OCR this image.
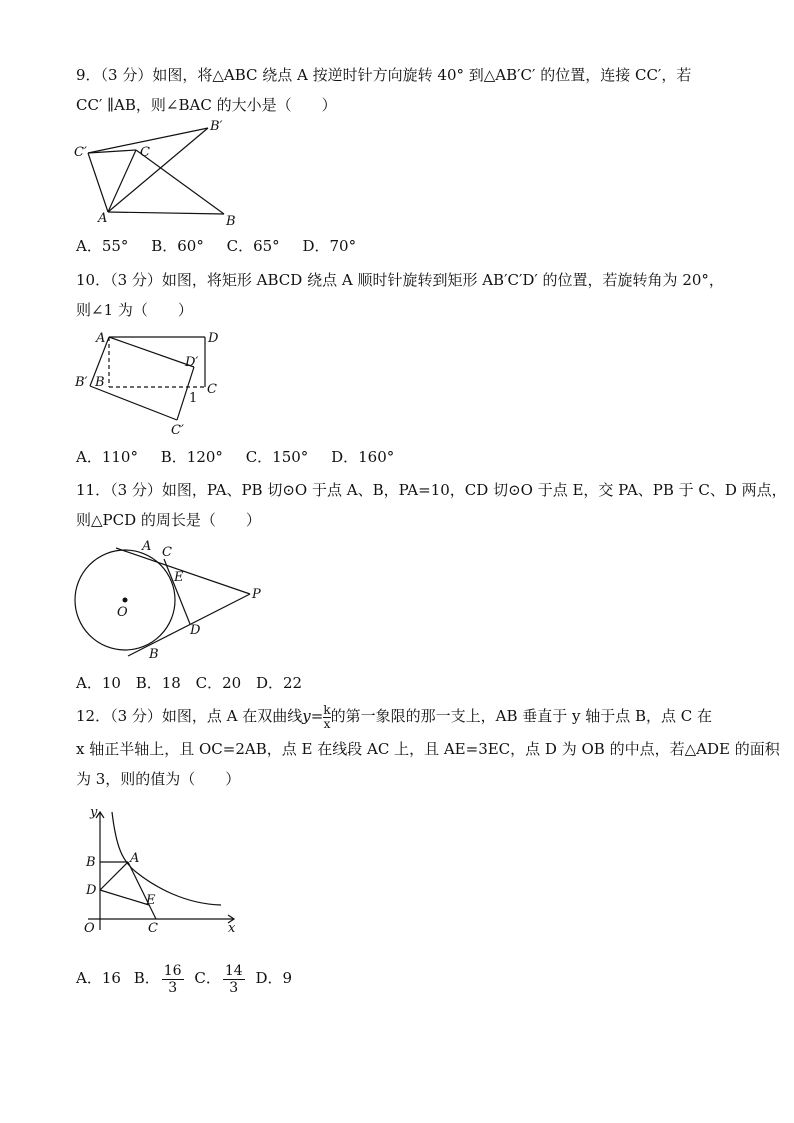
9．（3 分）如图，将△ABC 绕点 A 按逆时针方向旋转 40° 到△AB′C′ 的位置，连接 CC′，若
CC′ ∥AB，则∠BAC 的大小是（　　）
C′	C
B′
A	B
A．55° B．60° C．65° D．70°
10．（3 分）如图，将矩形 ABCD 绕点 A 顺时针旋转到矩形 AB′C′D′ 的位置，若旋转角为 20°，
则∠1 为（　　）
A	D
D′
B′ B	C
1
C′
A．110° B．120° C．150° D．160°
11．（3 分）如图，PA、PB 切⊙O 于点 A、B，PA=10，CD 切⊙O 于点 E，交 PA、PB 于 C、D 两点，
则△PCD 的周长是（　　）
A C
E
O
P
D
B
A．10 B．18 C．20 D．22
12．（3 分）如图，点 A 在双曲线$y= \frac{k}{x}$ 的第一象限的那一支上，AB 垂直于 y 轴于点 B，点 C 在
x 轴正半轴上，且 OC=2AB，点 E 在线段 AC 上，且 AE=3EC，点 D 为 OB 的中点，若△ADE 的面积
为 3，则的值为（　　）
y
B	A
D
E
O	C	x
A．16 B． $\frac{16}{3}$ C． $\frac{14}{3}$ D．9
